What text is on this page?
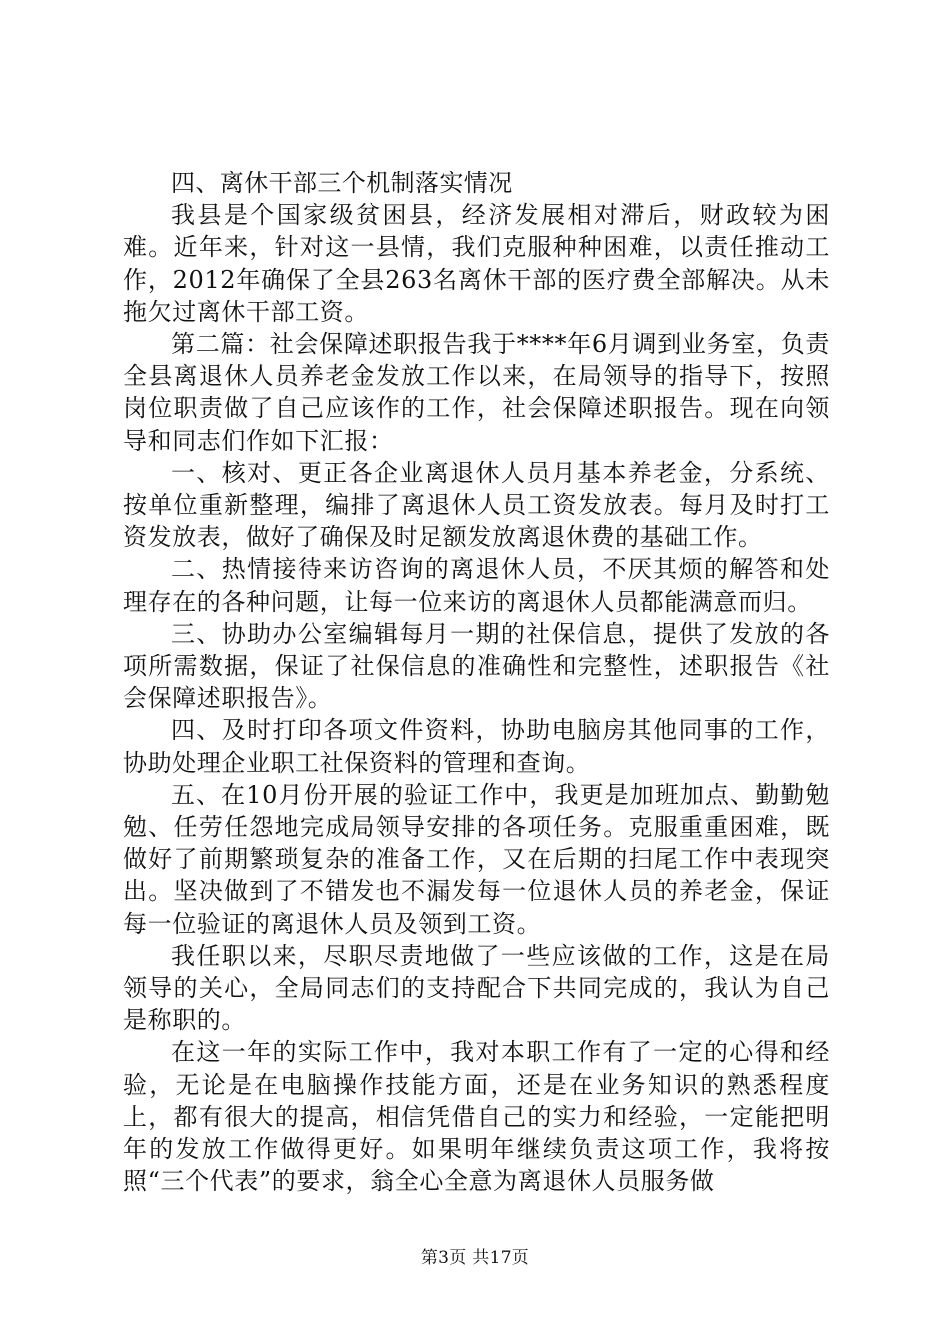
四、离休干部三个机制落实情况

我县是个国家级贫困县，经济发展相对滞后，财政较为困难。近年来，针对这一县情，我们克服种种困难，以责任推动工作，2012年确保了全县263名离休干部的医疗费全部解决。从未拖欠过离休干部工资。

第二篇：社会保障述职报告我于****年6月调到业务室，负责全县离退休人员养老金发放工作以来，在局领导的指导下，按照岗位职责做了自己应该作的工作，社会保障述职报告。现在向领导和同志们作如下汇报：

一、核对、更正各企业离退休人员月基本养老金，分系统、按单位重新整理，编排了离退休人员工资发放表。每月及时打工资发放表，做好了确保及时足额发放离退休费的基础工作。

二、热情接待来访咨询的离退休人员，不厌其烦的解答和处理存在的各种问题，让每一位来访的离退休人员都能满意而归。

三、协助办公室编辑每月一期的社保信息，提供了发放的各项所需数据，保证了社保信息的准确性和完整性，述职报告《社会保障述职报告》。

四、及时打印各项文件资料，协助电脑房其他同事的工作，协助处理企业职工社保资料的管理和查询。

五、在10月份开展的验证工作中，我更是加班加点、勤勤勉勉、任劳任怨地完成局领导安排的各项任务。克服重重困难，既做好了前期繁琐复杂的准备工作，又在后期的扫尾工作中表现突出。坚决做到了不错发也不漏发每一位退休人员的养老金，保证每一位验证的离退休人员及领到工资。

我任职以来，尽职尽责地做了一些应该做的工作，这是在局领导的关心，全局同志们的支持配合下共同完成的，我认为自己是称职的。

在这一年的实际工作中，我对本职工作有了一定的心得和经验，无论是在电脑操作技能方面，还是在业务知识的熟悉程度上，都有很大的提高，相信凭借自己的实力和经验，一定能把明年的发放工作做得更好。如果明年继续负责这项工作，我将按照“三个代表”的要求，翁全心全意为离退休人员服务做

第3页 共17页
